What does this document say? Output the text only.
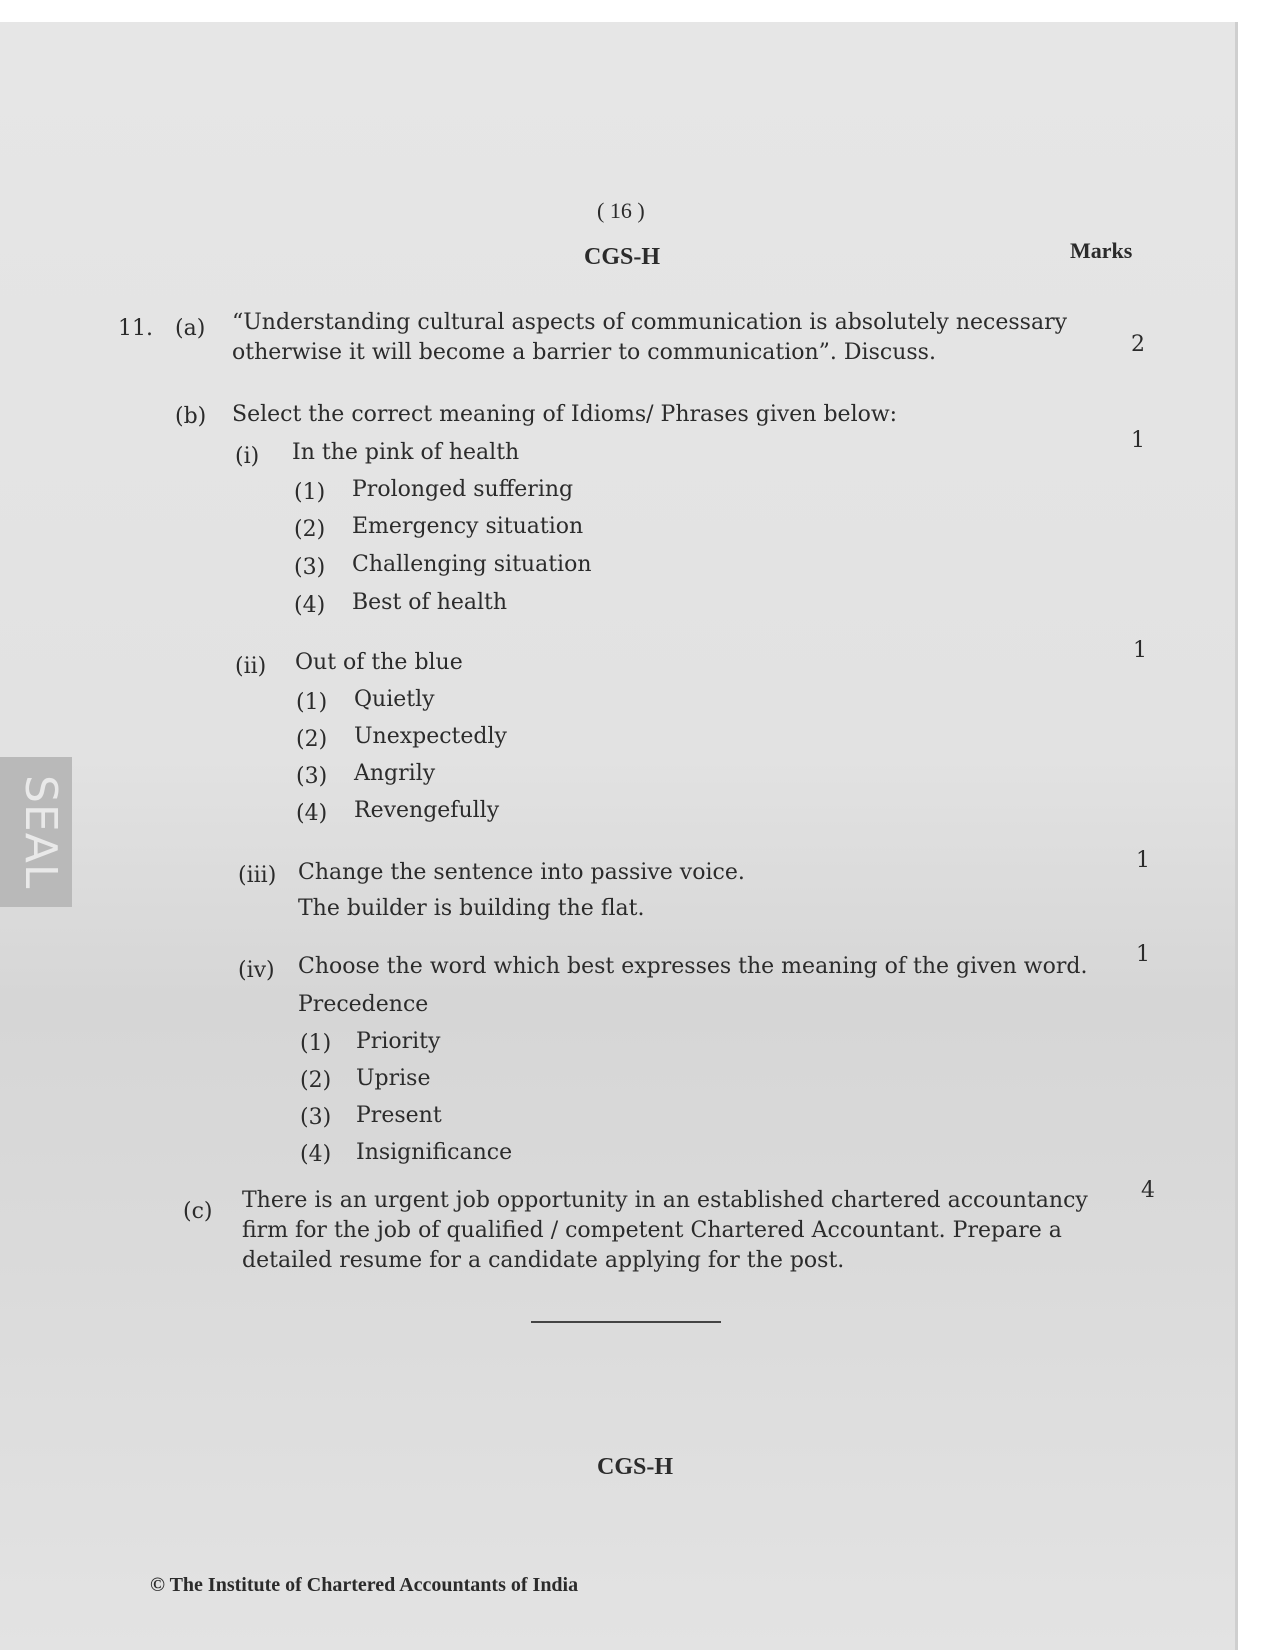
( 16 )
CGS-H	Marks
SEAL
11. (a) “Understanding cultural aspects of communication is absolutely necessary
otherwise it will become a barrier to communication”. Discuss.	2
(b) Select the correct meaning of Idioms/ Phrases given below:
(i) In the pink of health	1
(1) Prolonged suffering
(2) Emergency situation
(3) Challenging situation
(4) Best of health
(ii) Out of the blue	1
(1) Quietly
(2) Unexpectedly
(3) Angrily
(4) Revengefully
(iii) Change the sentence into passive voice.
The builder is building the flat.
1
(iv) Choose the word which best expresses the meaning of the given word. 1
Precedence
(1) Priority
(2) Uprise
(3) Present
(4) Insignificance
(c) There is an urgent job opportunity in an established chartered accountancy
firm for the job of qualified / competent Chartered Accountant. Prepare a
detailed resume for a candidate applying for the post.
4
CGS-H
© The Institute of Chartered Accountants of India
